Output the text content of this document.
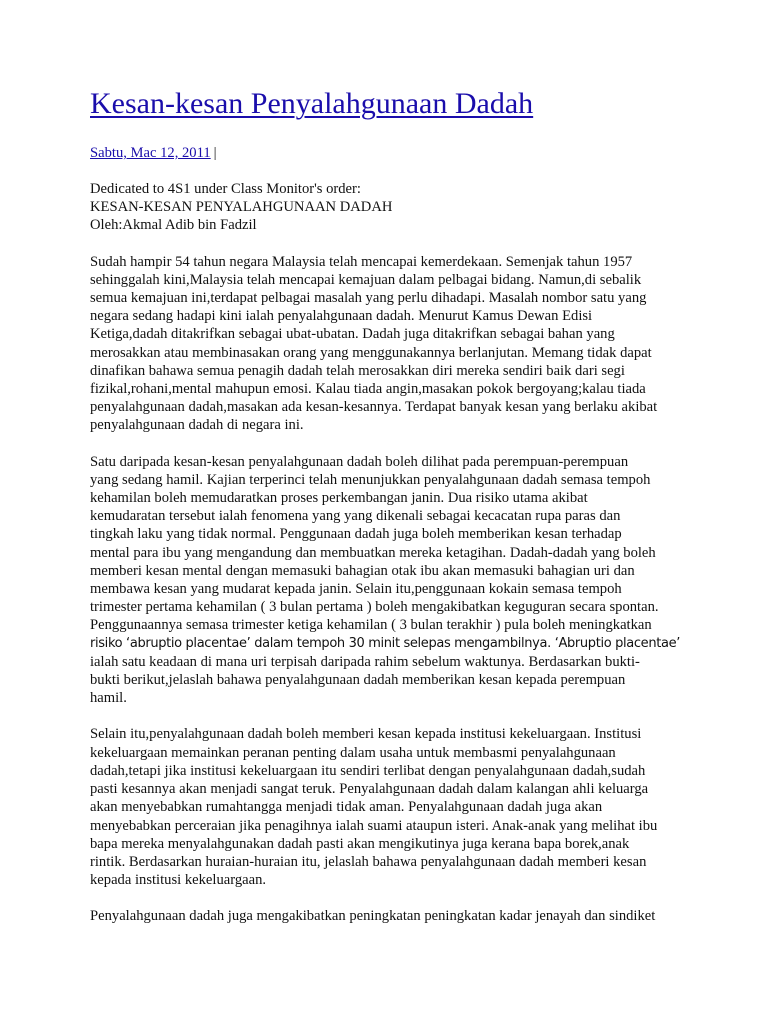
Kesan-kesan Penyalahgunaan Dadah
Sabtu, Mac 12, 2011 |
Dedicated to 4S1 under Class Monitor's order:
KESAN-KESAN PENYALAHGUNAAN DADAH
Oleh:Akmal Adib bin Fadzil
Sudah hampir 54 tahun negara Malaysia telah mencapai kemerdekaan. Semenjak tahun 1957
sehinggalah kini,Malaysia telah mencapai kemajuan dalam pelbagai bidang. Namun,di sebalik
semua kemajuan ini,terdapat pelbagai masalah yang perlu dihadapi. Masalah nombor satu yang
negara sedang hadapi kini ialah penyalahgunaan dadah. Menurut Kamus Dewan Edisi
Ketiga,dadah ditakrifkan sebagai ubat-ubatan. Dadah juga ditakrifkan sebagai bahan yang
merosakkan atau membinasakan orang yang menggunakannya berlanjutan. Memang tidak dapat
dinafikan bahawa semua penagih dadah telah merosakkan diri mereka sendiri baik dari segi
fizikal,rohani,mental mahupun emosi. Kalau tiada angin,masakan pokok bergoyang;kalau tiada
penyalahgunaan dadah,masakan ada kesan-kesannya. Terdapat banyak kesan yang berlaku akibat
penyalahgunaan dadah di negara ini.
Satu daripada kesan-kesan penyalahgunaan dadah boleh dilihat pada perempuan-perempuan
yang sedang hamil. Kajian terperinci telah menunjukkan penyalahgunaan dadah semasa tempoh
kehamilan boleh memudaratkan proses perkembangan janin. Dua risiko utama akibat
kemudaratan tersebut ialah fenomena yang yang dikenali sebagai kecacatan rupa paras dan
tingkah laku yang tidak normal. Penggunaan dadah juga boleh memberikan kesan terhadap
mental para ibu yang mengandung dan membuatkan mereka ketagihan. Dadah-dadah yang boleh
memberi kesan mental dengan memasuki bahagian otak ibu akan memasuki bahagian uri dan
membawa kesan yang mudarat kepada janin. Selain itu,penggunaan kokain semasa tempoh
trimester pertama kehamilan ( 3 bulan pertama ) boleh mengakibatkan keguguran secara spontan.
Penggunaannya semasa trimester ketiga kehamilan ( 3 bulan terakhir ) pula boleh meningkatkan
risiko ‘abruptio placentae’ dalam tempoh 30 minit selepas mengambilnya. ‘Abruptio placentae’
ialah satu keadaan di mana uri terpisah daripada rahim sebelum waktunya. Berdasarkan bukti-
bukti berikut,jelaslah bahawa penyalahgunaan dadah memberikan kesan kepada perempuan
hamil.
Selain itu,penyalahgunaan dadah boleh memberi kesan kepada institusi kekeluargaan. Institusi
kekeluargaan memainkan peranan penting dalam usaha untuk membasmi penyalahgunaan
dadah,tetapi jika institusi kekeluargaan itu sendiri terlibat dengan penyalahgunaan dadah,sudah
pasti kesannya akan menjadi sangat teruk. Penyalahgunaan dadah dalam kalangan ahli keluarga
akan menyebabkan rumahtangga menjadi tidak aman. Penyalahgunaan dadah juga akan
menyebabkan perceraian jika penagihnya ialah suami ataupun isteri. Anak-anak yang melihat ibu
bapa mereka menyalahgunakan dadah pasti akan mengikutinya juga kerana bapa borek,anak
rintik. Berdasarkan huraian-huraian itu, jelaslah bahawa penyalahgunaan dadah memberi kesan
kepada institusi kekeluargaan.
Penyalahgunaan dadah juga mengakibatkan peningkatan peningkatan kadar jenayah dan sindiket
